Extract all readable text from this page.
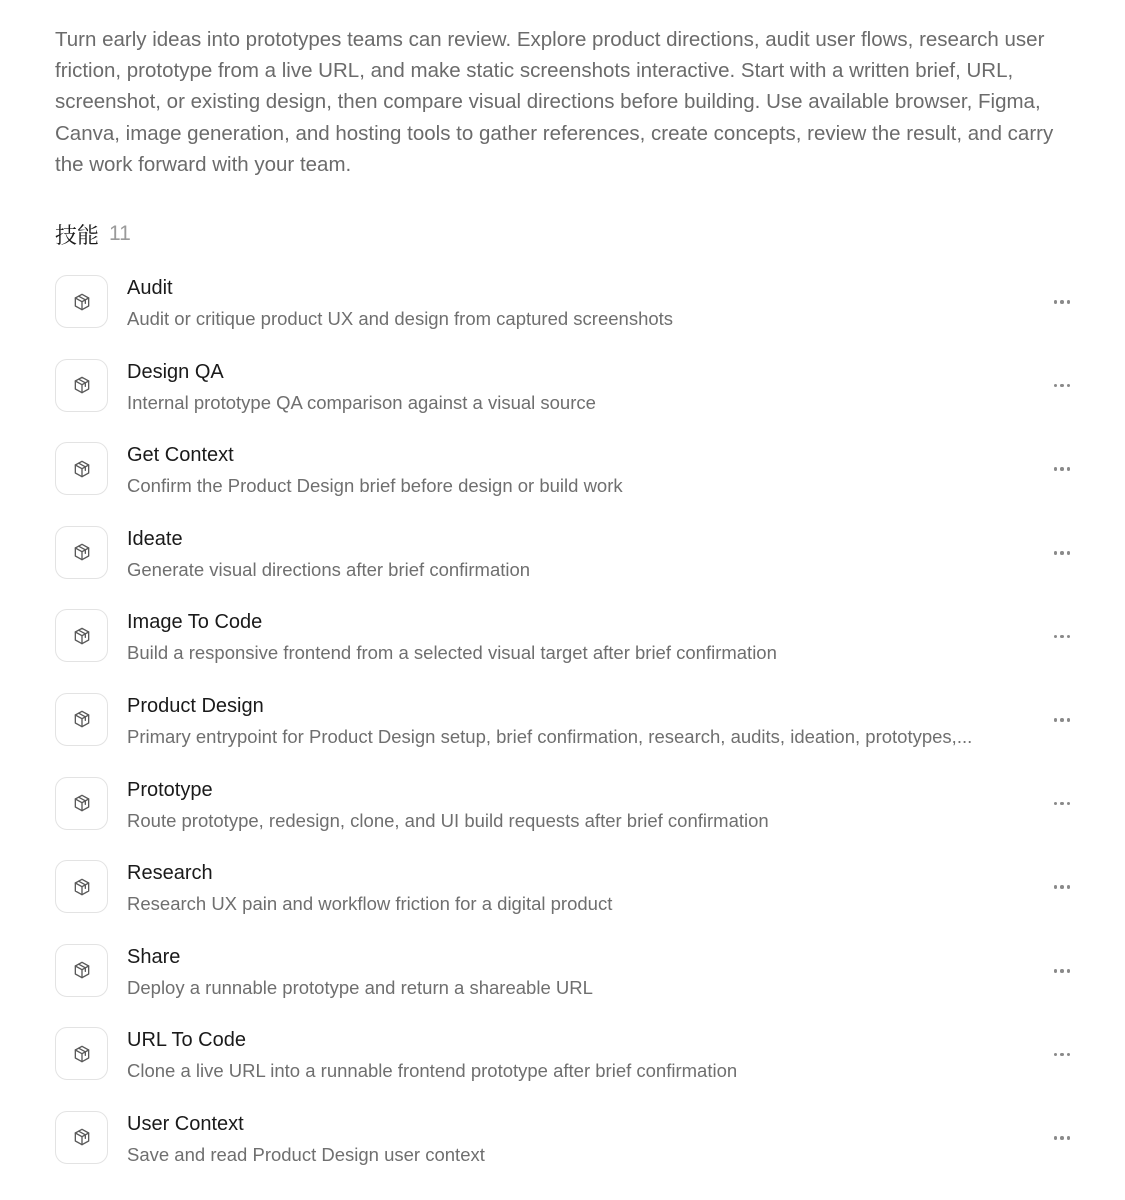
Turn early ideas into prototypes teams can review. Explore product directions, audit user flows, research user friction, prototype from a live URL, and make static screenshots interactive. Start with a written brief, URL, screenshot, or existing design, then compare visual directions before building. Use available browser, Figma, Canva, image generation, and hosting tools to gather references, create concepts, review the result, and carry the work forward with your team.

技能 11
Audit
Audit or critique product UX and design from captured screenshots
Design QA
Internal prototype QA comparison against a visual source
Get Context
Confirm the Product Design brief before design or build work
Ideate
Generate visual directions after brief confirmation
Image To Code
Build a responsive frontend from a selected visual target after brief confirmation
Product Design
Primary entrypoint for Product Design setup, brief confirmation, research, audits, ideation, prototypes,...
Prototype
Route prototype, redesign, clone, and UI build requests after brief confirmation
Research
Research UX pain and workflow friction for a digital product
Share
Deploy a runnable prototype and return a shareable URL
URL To Code
Clone a live URL into a runnable frontend prototype after brief confirmation
User Context
Save and read Product Design user context
